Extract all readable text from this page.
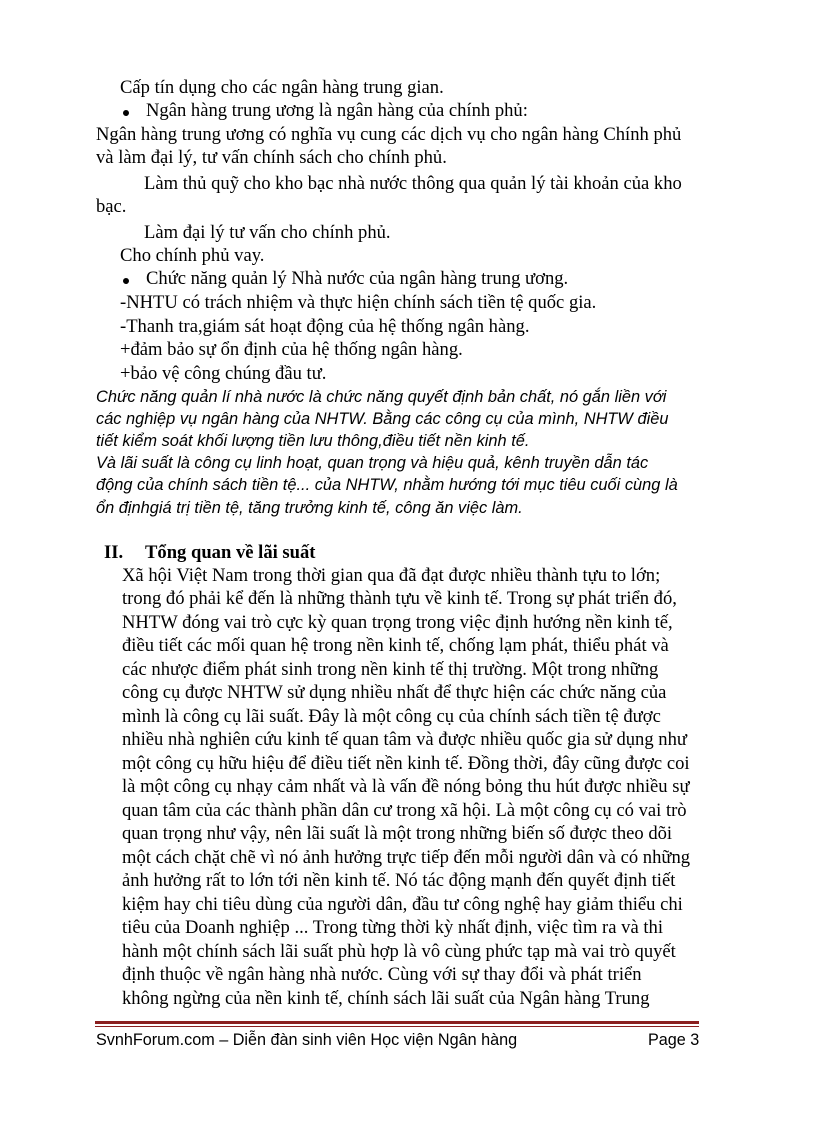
Cấp tín dụng cho các ngân hàng trung gian.
Ngân hàng trung ương là ngân hàng của chính phủ:
Ngân hàng trung ương có nghĩa vụ cung các dịch vụ cho ngân hàng Chính phủ
và làm đại lý, tư vấn chính sách cho chính phủ.
Làm thủ quỹ cho kho bạc nhà nước thông qua quản lý tài khoản của kho
bạc.
Làm đại lý tư vấn cho chính phủ.
Cho chính phủ vay.
Chức năng quản lý Nhà nước của ngân hàng trung ương.
-NHTU có trách nhiệm và thực hiện chính sách tiền tệ quốc gia.
-Thanh tra,giám sát hoạt động của hệ thống ngân hàng.
+đảm bảo sự ổn định của hệ thống ngân hàng.
+bảo vệ công chúng đầu tư.
Chức năng quản lí nhà nước là chức năng quyết định bản chất, nó gắn liền với
các nghiệp vụ ngân hàng của NHTW. Bằng các công cụ của mình, NHTW điều
tiết kiểm soát khối lượng tiền lưu thông,điều tiết nền kinh tế.
Và lãi suất là công cụ linh hoạt, quan trọng và hiệu quả, kênh truyền dẫn tác
động của chính sách tiền tệ... của NHTW, nhằm hướng tới mục tiêu cuối cùng là
ổn địnhgiá trị tiền tệ, tăng trưởng kinh tế, công ăn việc làm.
II. Tổng quan về lãi suất
Xã hội Việt Nam trong thời gian qua đã đạt được nhiều thành tựu to lớn;
trong đó phải kể đến là những thành tựu về kinh tế. Trong sự phát triển đó,
NHTW đóng vai trò cực kỳ quan trọng trong việc định hướng nền kinh tế,
điều tiết các mối quan hệ trong nền kinh tế, chống lạm phát, thiểu phát và
các nhược điểm phát sinh trong nền kinh tế thị trường. Một trong những
công cụ được NHTW sử dụng nhiều nhất để thực hiện các chức năng của
mình là công cụ lãi suất. Đây là một công cụ của chính sách tiền tệ được
nhiều nhà nghiên cứu kinh tế quan tâm và được nhiều quốc gia sử dụng như
một công cụ hữu hiệu để điều tiết nền kinh tế. Đồng thời, đây cũng được coi
là một công cụ nhạy cảm nhất và là vấn đề nóng bỏng thu hút được nhiều sự
quan tâm của các thành phần dân cư trong xã hội. Là một công cụ có vai trò
quan trọng như vậy, nên lãi suất là một trong những biến số được theo dõi
một cách chặt chẽ vì nó ảnh hưởng trực tiếp đến mỗi người dân và có những
ảnh hưởng rất to lớn tới nền kinh tế. Nó tác động mạnh đến quyết định tiết
kiệm hay chi tiêu dùng của người dân, đầu tư công nghệ hay giảm thiểu chi
tiêu của Doanh nghiệp ... Trong từng thời kỳ nhất định, việc tìm ra và thi
hành một chính sách lãi suất phù hợp là vô cùng phức tạp mà vai trò quyết
định thuộc về ngân hàng nhà nước. Cùng với sự thay đổi và phát triển
không ngừng của nền kinh tế, chính sách lãi suất của Ngân hàng Trung
SvnhForum.com – Diễn đàn sinh viên Học viện Ngân hàng	Page 3
